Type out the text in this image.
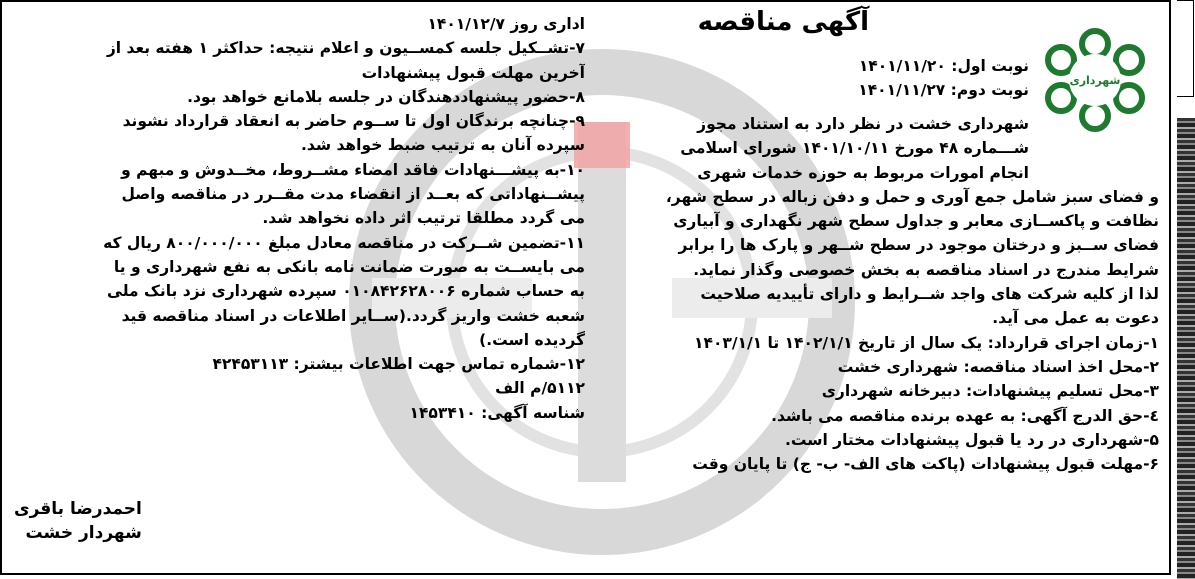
آگهی مناقصه
شهرداری
نوبت اول: ۱۴۰۱/۱۱/۲۰
نوبت دوم: ۱۴۰۱/۱۱/۲۷
شهرداری خشت در نظر دارد به استناد مجوز
شـــماره ۴۸ مورخ ۱۴۰۱/۱۰/۱۱ شورای اسلامی
انجام امورات مربوط به حوزه خدمات شهری
و فضای سبز شامل جمع آوری و حمل و دفن زباله در سطح شهر،
نظافت و پاکســازی معابر و جداول سطح شهر نگهداری و آبیاری
فضای ســبز و درختان موجود در سطح شــهر و پارک ها را برابر
شرایط مندرج در اسناد مناقصه به بخش خصوصی وگذار نماید.
لذا از کلیه شرکت های واجد شــرایط و دارای تأییدیه صلاحیت
دعوت به عمل می آید.
۱-زمان اجرای قرارداد: یک سال از تاریخ ۱۴۰۲/۱/۱ تا ۱۴۰۳/۱/۱
۲-محل اخذ اسناد مناقصه: شهرداری خشت
۳-محل تسلیم پیشنهادات: دبیرخانه شهرداری
٤-حق الدرج آگهی: به عهده برنده مناقصه می باشد.
۵-شهرداری در رد یا قبول پیشنهادات مختار است.
۶-مهلت قبول پیشنهادات (پاکت های الف- ب- ج) تا پایان وقت
اداری روز ۱۴۰۱/۱۲/۷
۷-تشــکیل جلسه کمســیون و اعلام نتیجه: حداکثر ۱ هفته بعد از
آخرین مهلت قبول پیشنهادات
۸-حضور پیشنهاددهندگان در جلسه بلامانع خواهد بود.
۹-چنانچه برندگان اول تا ســوم حاضر به انعقاد قرارداد نشوند
سپرده آنان به ترتیب ضبط خواهد شد.
۱۰-به پیشـــنهادات فاقد امضاء مشــروط، مخــدوش و مبهم و
پیشــنهاداتی که بعــد از انقضاء مدت مقــرر در مناقصه واصل
می گردد مطلقا ترتیب اثر داده نخواهد شد.
۱۱-تضمین شــرکت در مناقصه معادل مبلغ ۸۰۰/۰۰۰/۰۰۰ ریال که
می بایســت به صورت ضمانت نامه بانکی به نفع شهرداری و یا
به حساب شماره ۰۱۰۸۴۲۶۲۸۰۰۶ سپرده شهرداری نزد بانک ملی
شعبه خشت واریز گردد.(ســایر اطلاعات در اسناد مناقصه قید
گردیده است.)
۱۲-شماره تماس جهت اطلاعات بیشتر: ۴۲۴۵۳۱۱۳
۵۱۱۲/م الف
شناسه آگهی: ۱۴۵۳۴۱۰
احمدرضا باقری
شهردار خشت
